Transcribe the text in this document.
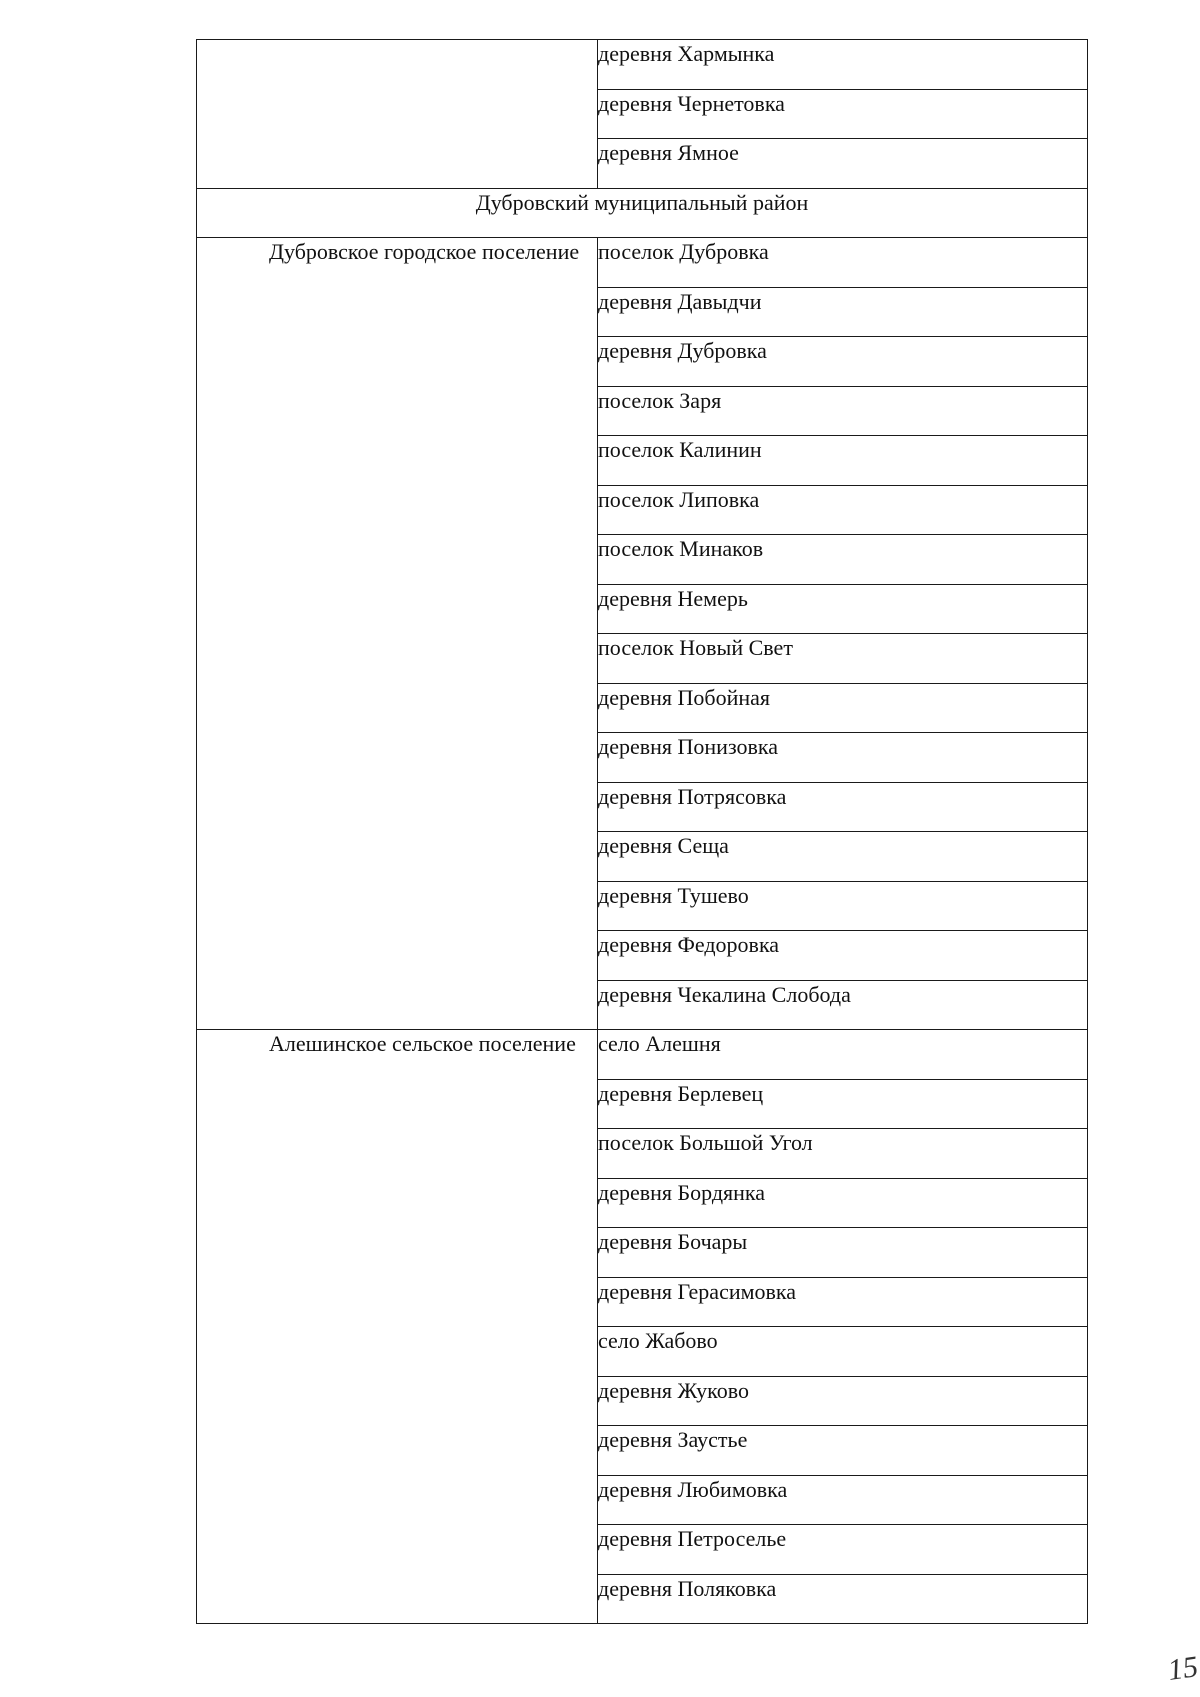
	деревня Хармынка
	деревня Чернетовка
	деревня Ямное
Дубровский муниципальный район	

Дубровское городское поселение	поселок Дубровка
	деревня Давыдчи
	деревня Дубровка
	поселок Заря
	поселок Калинин
	поселок Липовка
	поселок Минаков
	деревня Немерь
	поселок Новый Свет
	деревня Побойная
	деревня Понизовка
	деревня Потрясовка
	деревня Сеща
	деревня Тушево
	деревня Федоровка
	деревня Чекалина Слобода

Алешинское сельское поселение	село Алешня
	деревня Берлевец
	поселок Большой Угол
	деревня Бордянка
	деревня Бочары
	деревня Герасимовка
	село Жабово
	деревня Жуково
	деревня Заустье
	деревня Любимовка
	деревня Петроселье
	деревня Поляковка
15
